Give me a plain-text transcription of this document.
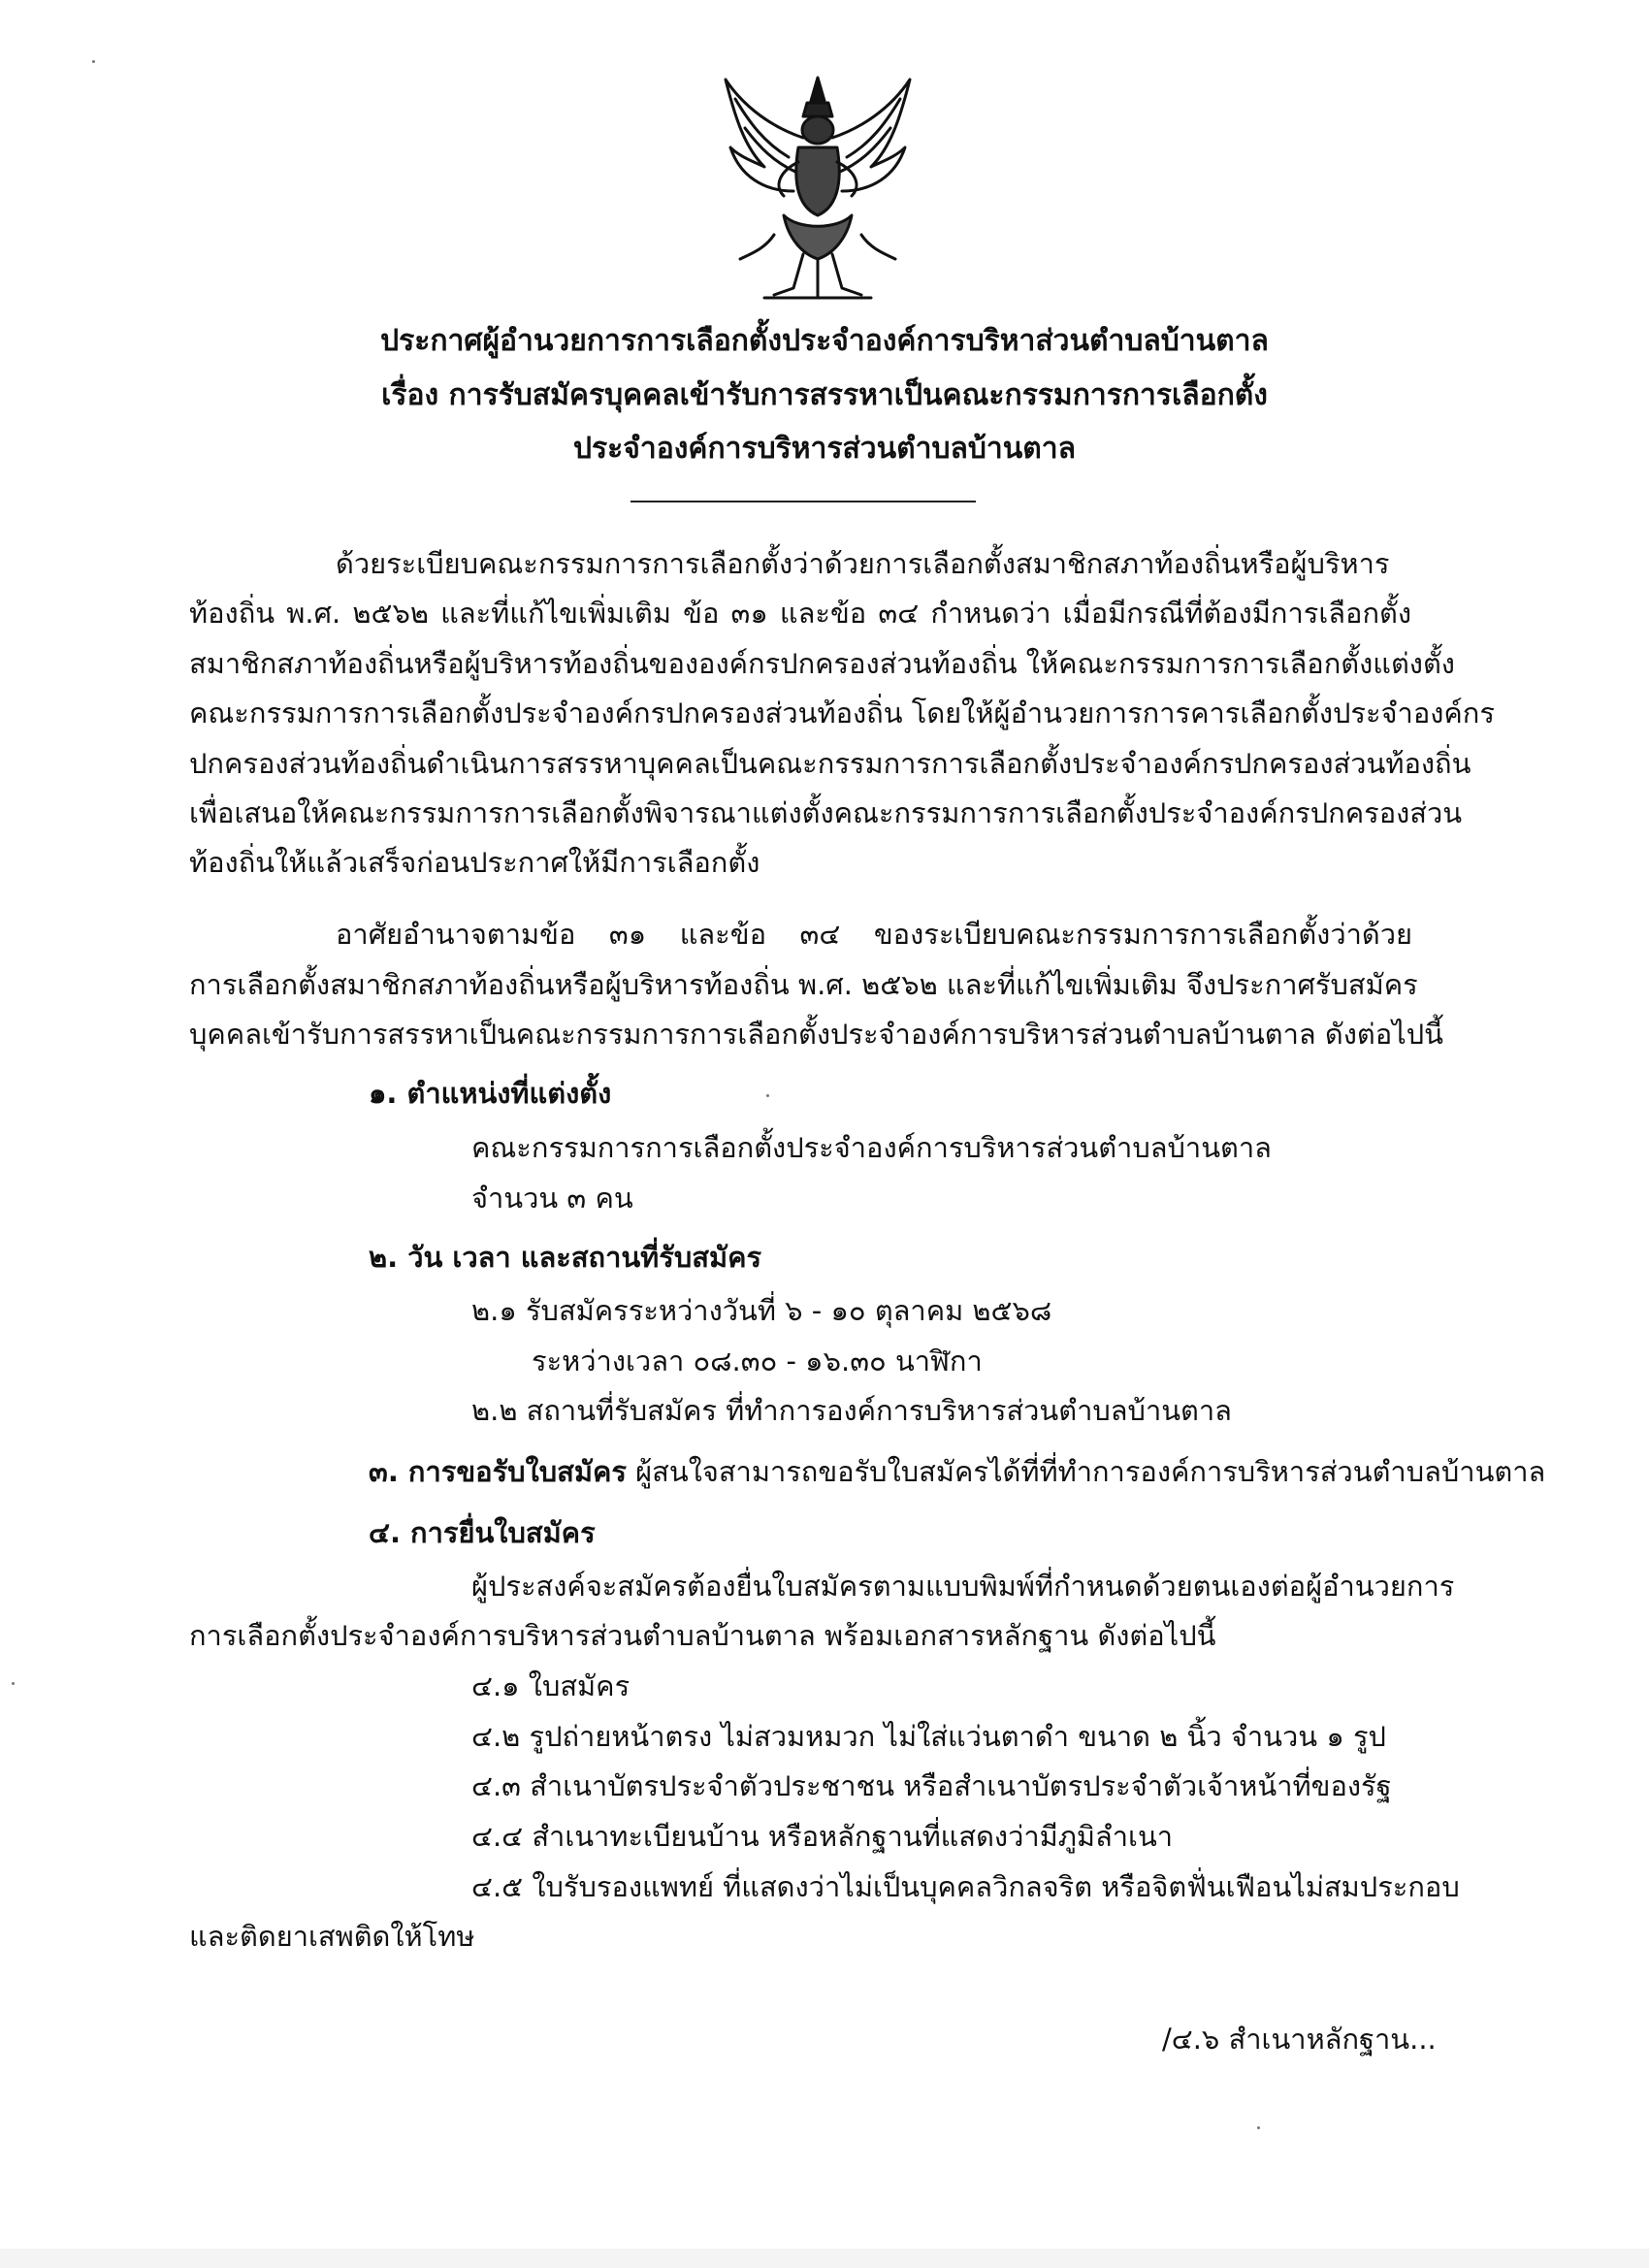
ประกาศผู้อำนวยการการเลือกตั้งประจำองค์การบริหาส่วนตำบลบ้านตาล
เรื่อง การรับสมัครบุคคลเข้ารับการสรรหาเป็นคณะกรรมการการเลือกตั้ง
ประจำองค์การบริหารส่วนตำบลบ้านตาล
ด้วยระเบียบคณะกรรมการการเลือกตั้งว่าด้วยการเลือกตั้งสมาชิกสภาท้องถิ่นหรือผู้บริหาร
ท้องถิ่น พ.ศ. ๒๕๖๒ และที่แก้ไขเพิ่มเติม ข้อ ๓๑ และข้อ ๓๔ กำหนดว่า เมื่อมีกรณีที่ต้องมีการเลือกตั้ง
สมาชิกสภาท้องถิ่นหรือผู้บริหารท้องถิ่นขององค์กรปกครองส่วนท้องถิ่น ให้คณะกรรมการการเลือกตั้งแต่งตั้ง
คณะกรรมการการเลือกตั้งประจำองค์กรปกครองส่วนท้องถิ่น โดยให้ผู้อำนวยการการคารเลือกตั้งประจำองค์กร
ปกครองส่วนท้องถิ่นดำเนินการสรรหาบุคคลเป็นคณะกรรมการการเลือกตั้งประจำองค์กรปกครองส่วนท้องถิ่น
เพื่อเสนอให้คณะกรรมการการเลือกตั้งพิจารณาแต่งตั้งคณะกรรมการการเลือกตั้งประจำองค์กรปกครองส่วน
ท้องถิ่นให้แล้วเสร็จก่อนประกาศให้มีการเลือกตั้ง
อาศัยอำนาจตามข้อ ๓๑ และข้อ ๓๔ ของระเบียบคณะกรรมการการเลือกตั้งว่าด้วย
การเลือกตั้งสมาชิกสภาท้องถิ่นหรือผู้บริหารท้องถิ่น พ.ศ. ๒๕๖๒ และที่แก้ไขเพิ่มเติม จึงประกาศรับสมัคร
บุคคลเข้ารับการสรรหาเป็นคณะกรรมการการเลือกตั้งประจำองค์การบริหารส่วนตำบลบ้านตาล ดังต่อไปนี้
๑. ตำแหน่งที่แต่งตั้ง
คณะกรรมการการเลือกตั้งประจำองค์การบริหารส่วนตำบลบ้านตาล
จำนวน ๓ คน
๒. วัน เวลา และสถานที่รับสมัคร
๒.๑ รับสมัครระหว่างวันที่ ๖ - ๑๐ ตุลาคม ๒๕๖๘
ระหว่างเวลา ๐๘.๓๐ - ๑๖.๓๐ นาฬิกา
๒.๒ สถานที่รับสมัคร ที่ทำการองค์การบริหารส่วนตำบลบ้านตาล
๓. การขอรับใบสมัคร ผู้สนใจสามารถขอรับใบสมัครได้ที่ที่ทำการองค์การบริหารส่วนตำบลบ้านตาล
๔. การยื่นใบสมัคร
ผู้ประสงค์จะสมัครต้องยื่นใบสมัครตามแบบพิมพ์ที่กำหนดด้วยตนเองต่อผู้อำนวยการ
การเลือกตั้งประจำองค์การบริหารส่วนตำบลบ้านตาล พร้อมเอกสารหลักฐาน ดังต่อไปนี้
๔.๑ ใบสมัคร
๔.๒ รูปถ่ายหน้าตรง ไม่สวมหมวก ไม่ใส่แว่นตาดำ ขนาด ๒ นิ้ว จำนวน ๑ รูป
๔.๓ สำเนาบัตรประจำตัวประชาชน หรือสำเนาบัตรประจำตัวเจ้าหน้าที่ของรัฐ
๔.๔ สำเนาทะเบียนบ้าน หรือหลักฐานที่แสดงว่ามีภูมิลำเนา
๔.๕ ใบรับรองแพทย์ ที่แสดงว่าไม่เป็นบุคคลวิกลจริต หรือจิตฟั่นเฟือนไม่สมประกอบ
และติดยาเสพติดให้โทษ
/๔.๖ สำเนาหลักฐาน...
